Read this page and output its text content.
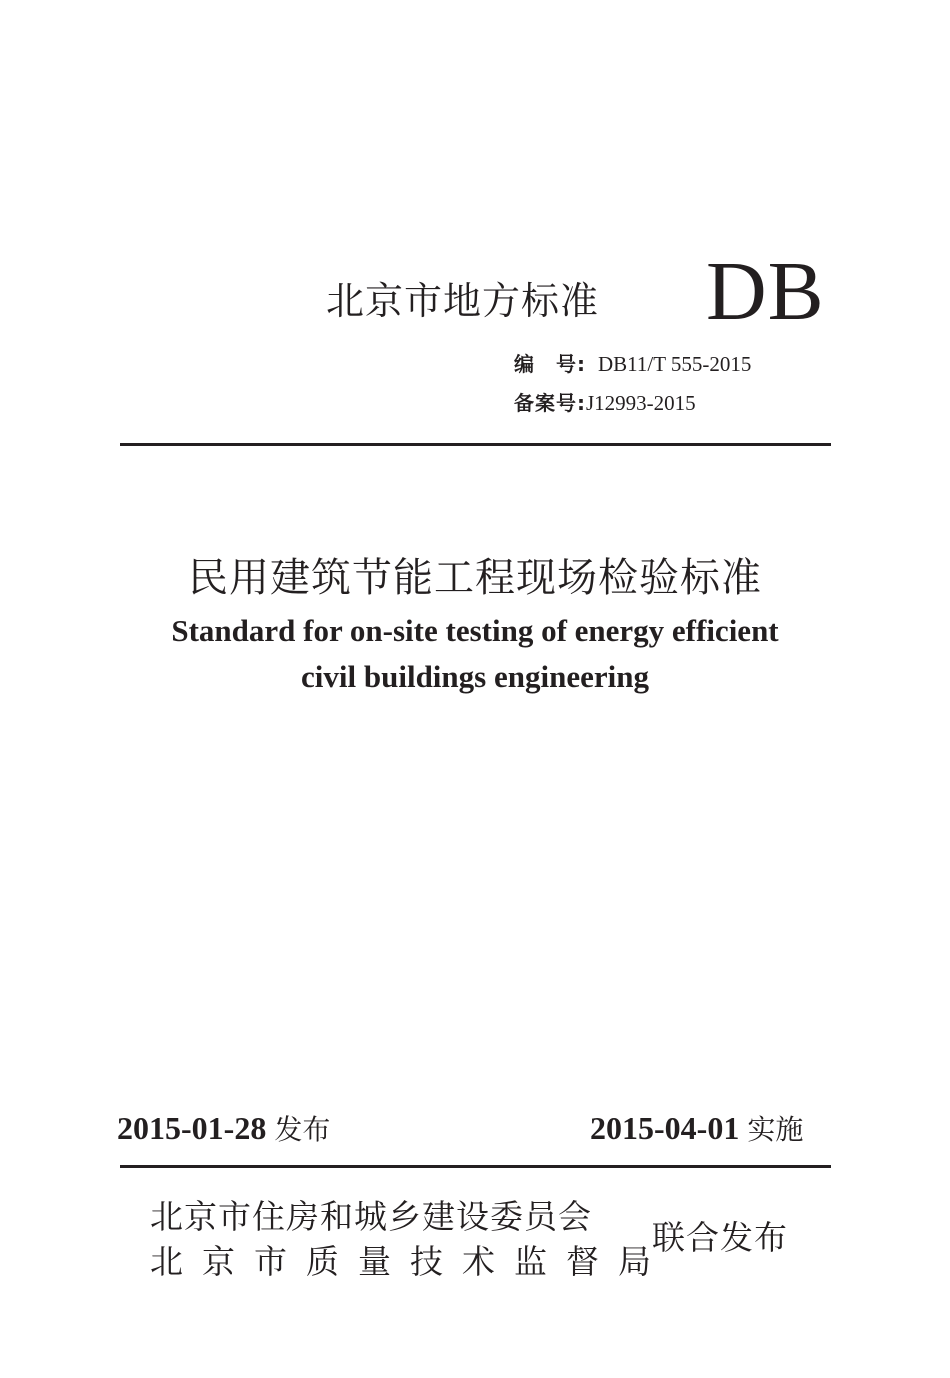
北京市地方标准 DB
编　号: DB11/T 555-2015
备案号:J12993-2015
民用建筑节能工程现场检验标准
Standard for on-site testing of energy efficient
civil buildings engineering
2015-01-28 发布	2015-04-01 实施
北京市住房和城乡建设委员会
北京市质量技术监督局
联合发布
